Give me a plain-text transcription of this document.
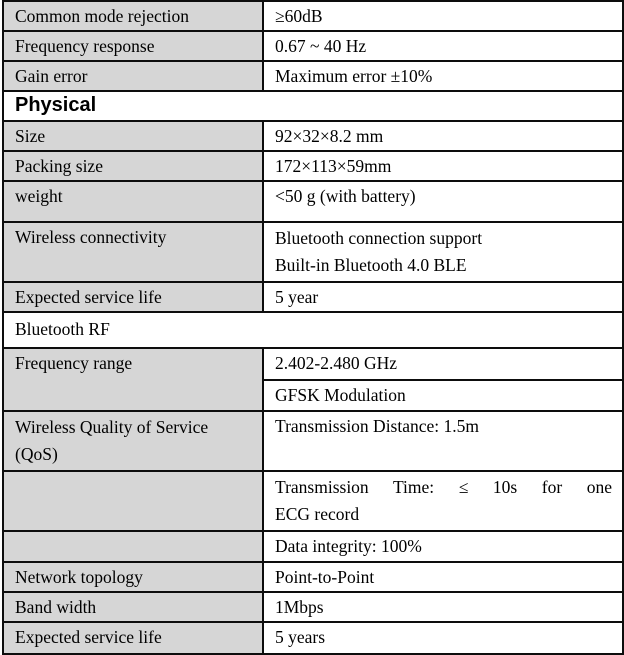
Common mode rejection	≥60dB
Frequency response	0.67 ~ 40 Hz
Gain error	Maximum error ±10%
Physical	
Size	92×32×8.2 mm
Packing size	172×113×59mm
weight	<50 g (with battery)
Wireless connectivity	Bluetooth connection support
Built-in Bluetooth 4.0 BLE

Expected service life	5 year
Bluetooth RF	
Frequency range	2.402-2.480 GHz
	GFSK Modulation

Wireless Quality of Service
(QoS)	Transmission Distance: 1.5m

	Transmission Time: ≤ 10s for one
ECG record

	Data integrity: 100%
Network topology	Point-to-Point
Band width	1Mbps
Expected service life	5 years
